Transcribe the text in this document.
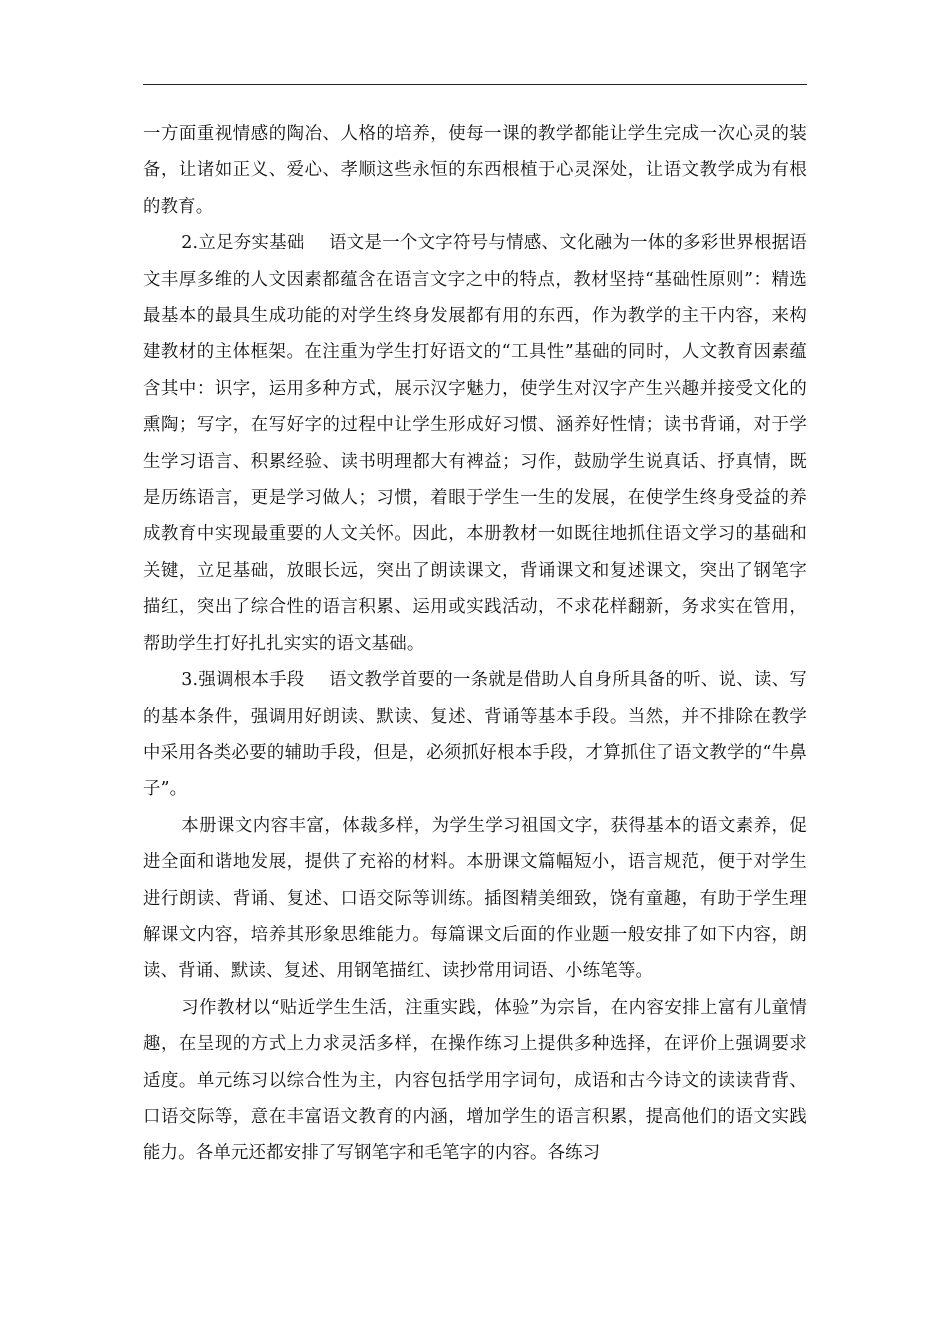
一方面重视情感的陶冶、人格的培养，使每一课的教学都能让学生完成一次心灵的装备，让诸如正义、爱心、孝顺这些永恒的东西根植于心灵深处，让语文教学成为有根的教育。

2.立足夯实基础 语文是一个文字符号与情感、文化融为一体的多彩世界根据语文丰厚多维的人文因素都蕴含在语言文字之中的特点，教材坚持“基础性原则”：精选最基本的最具生成功能的对学生终身发展都有用的东西，作为教学的主干内容，来构建教材的主体框架。在注重为学生打好语文的“工具性”基础的同时，人文教育因素蕴含其中：识字，运用多种方式，展示汉字魅力，使学生对汉字产生兴趣并接受文化的熏陶；写字，在写好字的过程中让学生形成好习惯、涵养好性情；读书背诵，对于学生学习语言、积累经验、读书明理都大有裨益；习作，鼓励学生说真话、抒真情，既是历练语言，更是学习做人；习惯，着眼于学生一生的发展，在使学生终身受益的养成教育中实现最重要的人文关怀。因此，本册教材一如既往地抓住语文学习的基础和关键，立足基础，放眼长远，突出了朗读课文，背诵课文和复述课文，突出了钢笔字描红，突出了综合性的语言积累、运用或实践活动，不求花样翻新，务求实在管用，帮助学生打好扎扎实实的语文基础。

3.强调根本手段 语文教学首要的一条就是借助人自身所具备的听、说、读、写的基本条件，强调用好朗读、默读、复述、背诵等基本手段。当然，并不排除在教学中采用各类必要的辅助手段，但是，必须抓好根本手段，才算抓住了语文教学的“牛鼻子”。

本册课文内容丰富，体裁多样，为学生学习祖国文字，获得基本的语文素养，促进全面和谐地发展，提供了充裕的材料。本册课文篇幅短小，语言规范，便于对学生进行朗读、背诵、复述、口语交际等训练。插图精美细致，饶有童趣，有助于学生理解课文内容，培养其形象思维能力。每篇课文后面的作业题一般安排了如下内容，朗读、背诵、默读、复述、用钢笔描红、读抄常用词语、小练笔等。

习作教材以“贴近学生生活，注重实践，体验”为宗旨，在内容安排上富有儿童情趣，在呈现的方式上力求灵活多样，在操作练习上提供多种选择，在评价上强调要求适度。单元练习以综合性为主，内容包括学用字词句，成语和古今诗文的读读背背、口语交际等，意在丰富语文教育的内涵，增加学生的语言积累，提高他们的语文实践能力。各单元还都安排了写钢笔字和毛笔字的内容。各练习
